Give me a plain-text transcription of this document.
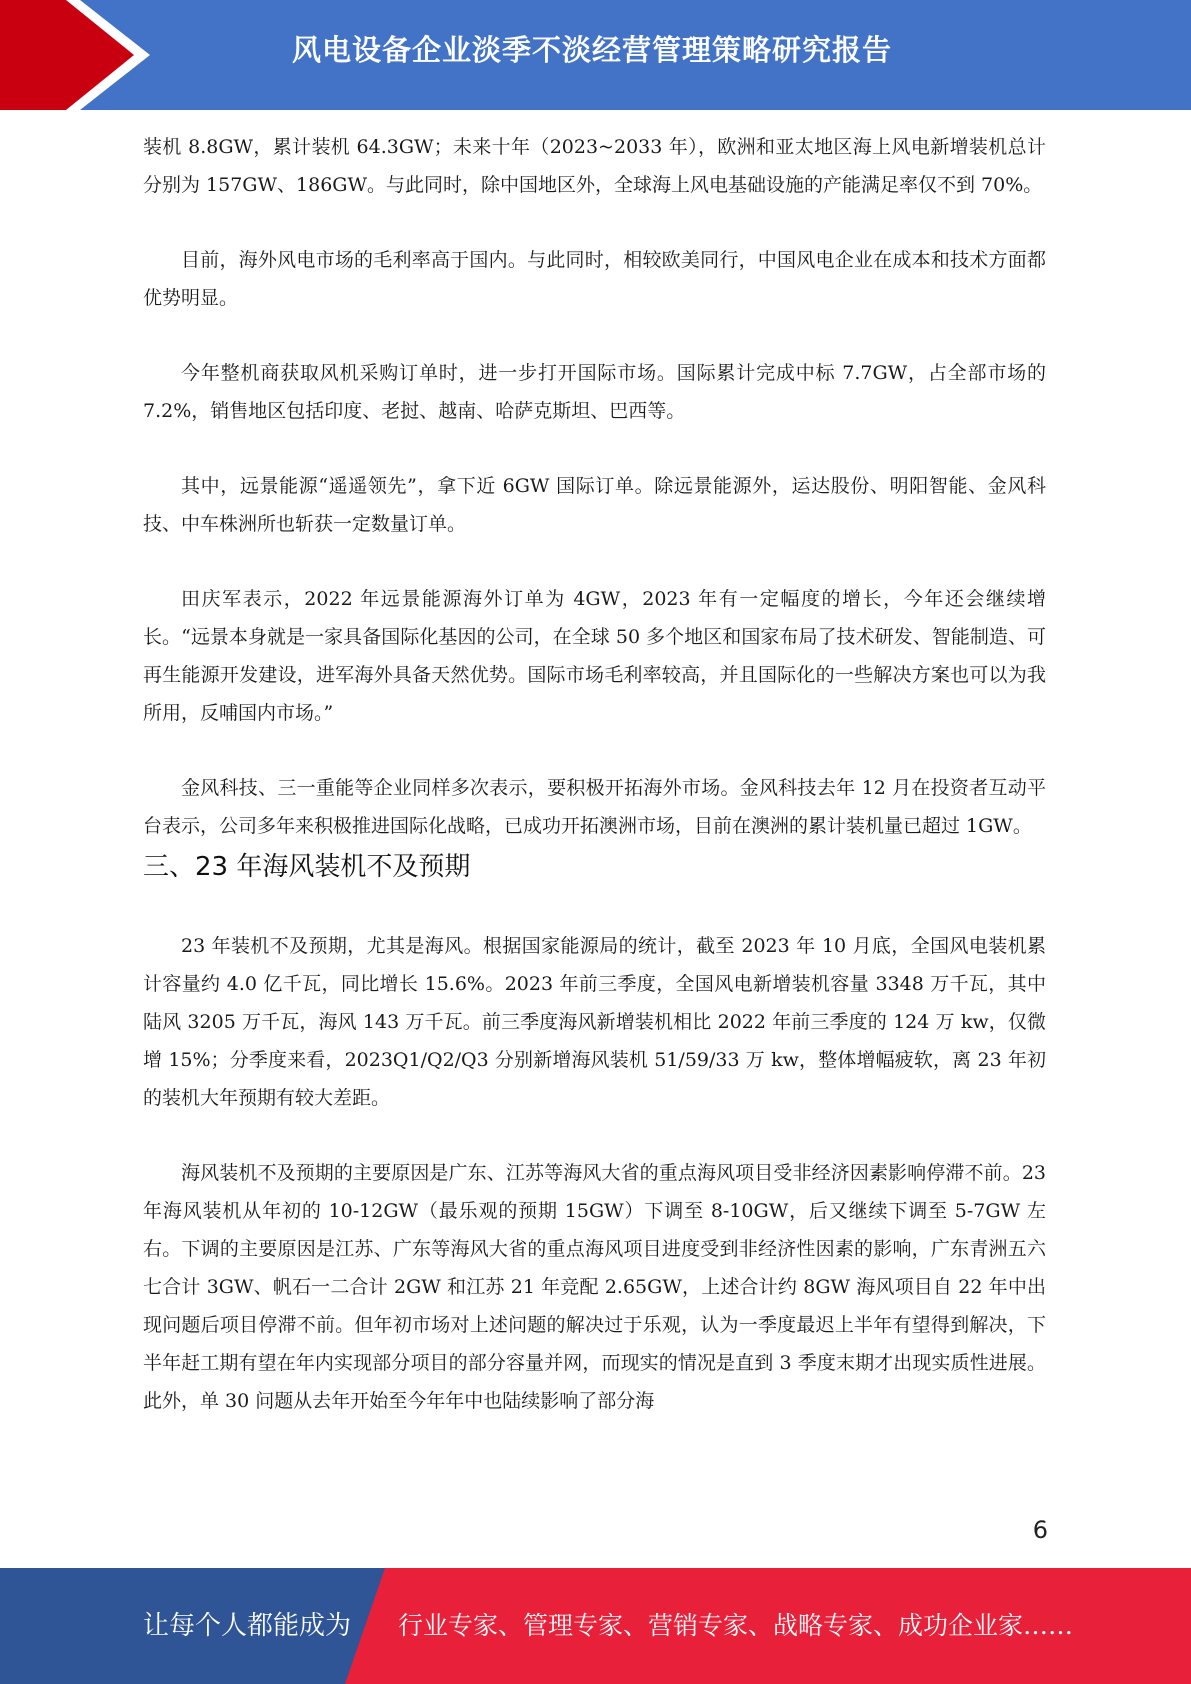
风电设备企业淡季不淡经营管理策略研究报告

装机 8.8GW，累计装机 64.3GW；未来十年（2023~2033 年），欧洲和亚太地区海上风电新增装机总计分别为 157GW、186GW。与此同时，除中国地区外，全球海上风电基础设施的产能满足率仅不到 70%。

目前，海外风电市场的毛利率高于国内。与此同时，相较欧美同行，中国风电企业在成本和技术方面都优势明显。

今年整机商获取风机采购订单时，进一步打开国际市场。国际累计完成中标 7.7GW，占全部市场的 7.2%，销售地区包括印度、老挝、越南、哈萨克斯坦、巴西等。

其中，远景能源“遥遥领先”，拿下近 6GW 国际订单。除远景能源外，运达股份、明阳智能、金风科技、中车株洲所也斩获一定数量订单。

田庆军表示，2022 年远景能源海外订单为 4GW，2023 年有一定幅度的增长，今年还会继续增长。“远景本身就是一家具备国际化基因的公司，在全球 50 多个地区和国家布局了技术研发、智能制造、可再生能源开发建设，进军海外具备天然优势。国际市场毛利率较高，并且国际化的一些解决方案也可以为我所用，反哺国内市场。”

金风科技、三一重能等企业同样多次表示，要积极开拓海外市场。金风科技去年 12 月在投资者互动平台表示，公司多年来积极推进国际化战略，已成功开拓澳洲市场，目前在澳洲的累计装机量已超过 1GW。

三、23 年海风装机不及预期

23 年装机不及预期，尤其是海风。根据国家能源局的统计，截至 2023 年 10 月底，全国风电装机累计容量约 4.0 亿千瓦，同比增长 15.6%。2023 年前三季度，全国风电新增装机容量 3348 万千瓦，其中陆风 3205 万千瓦，海风 143 万千瓦。前三季度海风新增装机相比 2022 年前三季度的 124 万 kw，仅微增 15%；分季度来看，2023Q1/Q2/Q3 分别新增海风装机 51/59/33 万 kw，整体增幅疲软，离 23 年初的装机大年预期有较大差距。

海风装机不及预期的主要原因是广东、江苏等海风大省的重点海风项目受非经济因素影响停滞不前。23 年海风装机从年初的 10-12GW（最乐观的预期 15GW）下调至 8-10GW，后又继续下调至 5-7GW 左右。下调的主要原因是江苏、广东等海风大省的重点海风项目进度受到非经济性因素的影响，广东青洲五六七合计 3GW、帆石一二合计 2GW 和江苏 21 年竞配 2.65GW，上述合计约 8GW 海风项目自 22 年中出现问题后项目停滞不前。但年初市场对上述问题的解决过于乐观，认为一季度最迟上半年有望得到解决，下半年赶工期有望在年内实现部分项目的部分容量并网，而现实的情况是直到 3 季度末期才出现实质性进展。此外，单 30 问题从去年开始至今年年中也陆续影响了部分海

6
让每个人都能成为 行业专家、管理专家、营销专家、战略专家、成功企业家……
